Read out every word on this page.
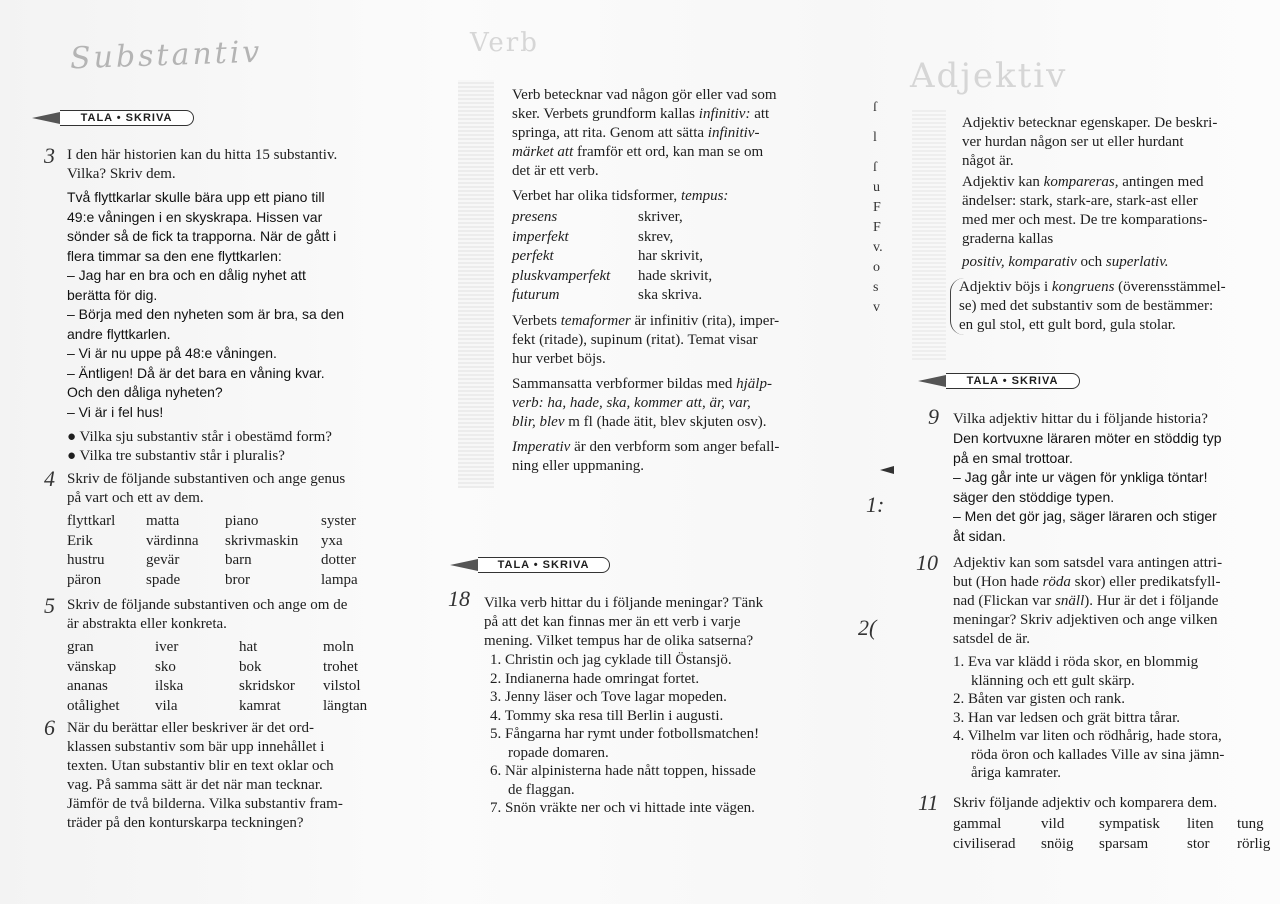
Substantiv
TALA • SKRIVA
3 I den här historien kan du hitta 15 substantiv.

Vilka? Skriv dem.

Två flyttkarlar skulle bära upp ett piano till

49:e våningen i en skyskrapa. Hissen var

sönder så de fick ta trapporna. När de gått i

flera timmar sa den ene flyttkarlen:

– Jag har en bra och en dålig nyhet att

berätta för dig.

– Börja med den nyheten som är bra, sa den

andre flyttkarlen.

– Vi är nu uppe på 48:e våningen.

– Äntligen! Då är det bara en våning kvar.

Och den dåliga nyheten?

– Vi är i fel hus!

● Vilka sju substantiv står i obestämd form?

● Vilka tre substantiv står i pluralis?

4 Skriv de följande substantiven och ange genus

på vart och ett av dem.

flyttkarl	matta	piano	syster
Erik	värdinna	skrivmaskin	yxa
hustru	gevär	barn	dotter
päron	spade	bror	lampa
5 Skriv de följande substantiven och ange om de

är abstrakta eller konkreta.

gran	iver	hat	moln
vänskap	sko	bok	trohet
ananas	ilska	skridskor	vilstol
otålighet	vila	kamrat	längtan
6 När du berättar eller beskriver är det ord-

klassen substantiv som bär upp innehållet i

texten. Utan substantiv blir en text oklar och

vag. På samma sätt är det när man tecknar.

Jämför de två bilderna. Vilka substantiv fram-

träder på den konturskarpa teckningen?

Verb

Verb betecknar vad någon gör eller vad som

sker. Verbets grundform kallas infinitiv: att

springa, att rita. Genom att sätta infinitiv-

märket att framför ett ord, kan man se om

det är ett verb.

Verbet har olika tidsformer, tempus:

presens	skriver,
imperfekt	skrev,
perfekt	har skrivit,
pluskvamperfekt	hade skrivit,
futurum	ska skriva.

Verbets temaformer är infinitiv (rita), imper-

fekt (ritade), supinum (ritat). Temat visar

hur verbet böjs.

Sammansatta verbformer bildas med hjälp-

verb: ha, hade, ska, kommer att, är, var,

blir, blev m fl (hade ätit, blev skjuten osv).

Imperativ är den verbform som anger befall-

ning eller uppmaning.

TALA • SKRIVA
18 Vilka verb hittar du i följande meningar? Tänk

på att det kan finnas mer än ett verb i varje

mening. Vilket tempus har de olika satserna?

1. Christin och jag cyklade till Östansjö.
2. Indianerna hade omringat fortet.
3. Jenny läser och Tove lagar mopeden.
4. Tommy ska resa till Berlin i augusti.
5. Fångarna har rymt under fotbollsmatchen!
ropade domaren.
6. När alpinisterna hade nått toppen, hissade
de flaggan.
7. Snön vräkte ner och vi hittade inte vägen.
ſ
l
ſ
u
F
F
v.
o
s
v
1:
2(
Adjektiv

Adjektiv betecknar egenskaper. De beskri-

ver hurdan någon ser ut eller hurdant

något är.

Adjektiv kan kompareras, antingen med

ändelser: stark, stark-are, stark-ast eller

med mer och mest. De tre komparations-

graderna kallas

positiv, komparativ och superlativ.

Adjektiv böjs i kongruens (överensstämmel-

se) med det substantiv som de bestämmer:

en gul stol, ett gult bord, gula stolar.

TALA • SKRIVA
9 Vilka adjektiv hittar du i följande historia?

Den kortvuxne läraren möter en stöddig typ

på en smal trottoar.

– Jag går inte ur vägen för ynkliga töntar!

säger den stöddige typen.

– Men det gör jag, säger läraren och stiger

åt sidan.

10 Adjektiv kan som satsdel vara antingen attri-

but (Hon hade röda skor) eller predikatsfyll-

nad (Flickan var snäll). Hur är det i följande

meningar? Skriv adjektiven och ange vilken

satsdel de är.

1. Eva var klädd i röda skor, en blommig
klänning och ett gult skärp.
2. Båten var gisten och rank.
3. Han var ledsen och grät bittra tårar.
4. Vilhelm var liten och rödhårig, hade stora,
röda öron och kallades Ville av sina jämn-
åriga kamrater.
11 Skriv följande adjektiv och komparera dem.

gammal	vild	sympatisk	liten	tung
civiliserad	snöig	sparsam	stor	rörlig
